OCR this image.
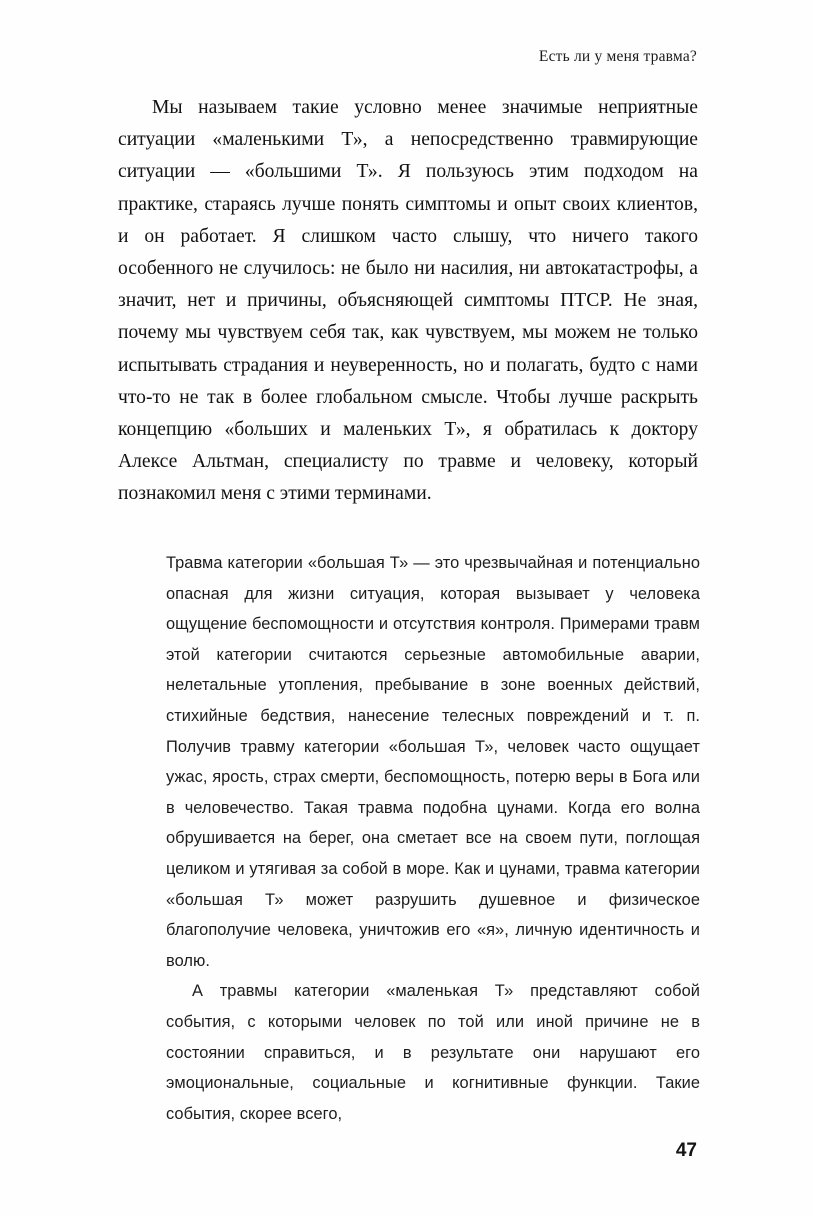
Есть ли у меня травма?

Мы называем такие условно менее значимые неприятные ситуации «маленькими Т», а непосредственно травмирующие ситуации — «большими Т». Я пользуюсь этим подходом на практике, стараясь лучше понять симптомы и опыт своих клиентов, и он работает. Я слишком часто слышу, что ничего такого особенного не случилось: не было ни насилия, ни автокатастрофы, а значит, нет и причины, объясняющей симптомы ПТСР. Не зная, почему мы чувствуем себя так, как чувствуем, мы можем не только испытывать страдания и неуверенность, но и полагать, будто с нами что-то не так в более глобальном смысле. Чтобы лучше раскрыть концепцию «больших и маленьких Т», я обратилась к доктору Алексе Альтман, специалисту по травме и человеку, который познакомил меня с этими терминами.

Травма категории «большая Т» — это чрезвычайная и потенциально опасная для жизни ситуация, которая вызывает у человека ощущение беспомощности и отсутствия контроля. Примерами травм этой категории считаются серьезные автомобильные аварии, нелетальные утопления, пребывание в зоне военных действий, стихийные бедствия, нанесение телесных повреждений и т. п. Получив травму категории «большая Т», человек часто ощущает ужас, ярость, страх смерти, беспомощность, потерю веры в Бога или в человечество. Такая травма подобна цунами. Когда его волна обрушивается на берег, она сметает все на своем пути, поглощая целиком и утягивая за собой в море. Как и цунами, травма категории «большая Т» может разрушить душевное и физическое благополучие человека, уничтожив его «я», личную идентичность и волю.

А травмы категории «маленькая Т» представляют собой события, с которыми человек по той или иной причине не в состоянии справиться, и в результате они нарушают его эмоциональные, социальные и когнитивные функции. Такие события, скорее всего,

47
